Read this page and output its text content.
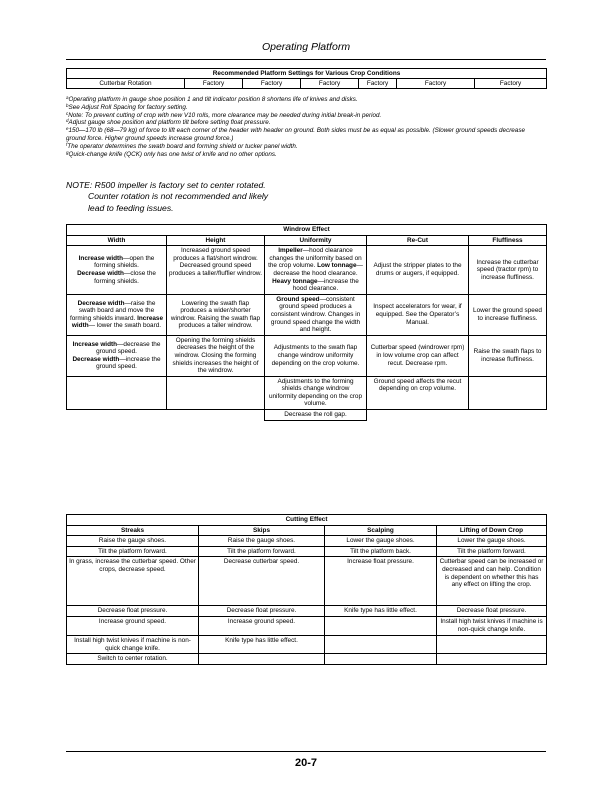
Operating Platform
Recommended Platform Settings for Various Crop Conditions
Cutterbar Rotation	Factory	Factory	Factory	Factory	Factory	Factory
$^a$Operating platform in gauge shoe position 1 and tilt indicator position 8 shortens life of knives and disks.
$^b$See Adjust Roll Spacing for factory setting.
$^c$Note: To prevent cutting of crop with new V10 rolls, more clearance may be needed during initial break-in period.
$^d$Adjust gauge shoe position and platform tilt before setting float pressure.
$^e$150—170 lb (68—79 kg) of force to lift each corner of the header with header on ground. Both sides must be as equal as possible. (Slower ground speeds decrease ground force. Higher ground speeds increase ground force.)
$^f$The operator determines the swath board and forming shield or tucker panel width.
$^g$Quick-change knife (QCK) only has one twist of knife and no other options.
NOTE: R500 impeller is factory set to center rotated.
Counter rotation is not recommended and likely
lead to feeding issues.
Windrow Effect				
Width	Height	Uniformity	Re-Cut	Fluffiness
Increase width—open the forming shields.
Decrease width—close the forming shields.	Increased ground speed produces a flat/short windrow. Decreased ground speed produces a taller/fluffier windrow.	Impeller—hood clearance changes the uniformity based on the crop volume. Low tonnage—decrease the hood clearance. Heavy tonnage—increase the hood clearance.	Adjust the stripper plates to the drums or augers, if equipped.	Increase the cutterbar speed (tractor rpm) to increase fluffiness.
Decrease width—raise the swath board and move the forming shields inward. Increase width— lower the swath board.	Lowering the swath flap produces a wider/shorter windrow. Raising the swath flap produces a taller windrow.	Ground speed—consistent ground speed produces a consistent windrow. Changes in ground speed change the width and height.	Inspect accelerators for wear, if equipped. See the Operator’s Manual.	Lower the ground speed to increase fluffiness.
Increase width—decrease the ground speed.
Decrease width—increase the ground speed.	Opening the forming shields decreases the height of the windrow. Closing the forming shields increases the height of the windrow.	Adjustments to the swath flap change windrow uniformity depending on the crop volume.	Cutterbar speed (windrower rpm) in low volume crop can affect recut. Decrease rpm.	Raise the swath flaps to increase fluffiness.
		Adjustments to the forming shields change windrow uniformity depending on the crop volume.	Ground speed affects the recut depending on crop volume.	
		Decrease the roll gap.		
Cutting Effect			
Streaks	Skips	Scalping	Lifting of Down Crop
Raise the gauge shoes.	Raise the gauge shoes.	Lower the gauge shoes.	Lower the gauge shoes.
Tilt the platform forward.	Tilt the platform forward.	Tilt the platform back.	Tilt the platform forward.
In grass, increase the cutterbar speed. Other crops, decrease speed.	Decrease cutterbar speed.	Increase float pressure.	Cutterbar speed can be increased or decreased and can help. Condition is dependent on whether this has any effect on lifting the crop.
Decrease float pressure.	Decrease float pressure.	Knife type has little effect.	Decrease float pressure.
Increase ground speed.	Increase ground speed.		Install high twist knives if machine is non-quick change knife.
Install high twist knives if machine is non-quick change knife.	Knife type has little effect.		
Switch to center rotation.			
20-7
